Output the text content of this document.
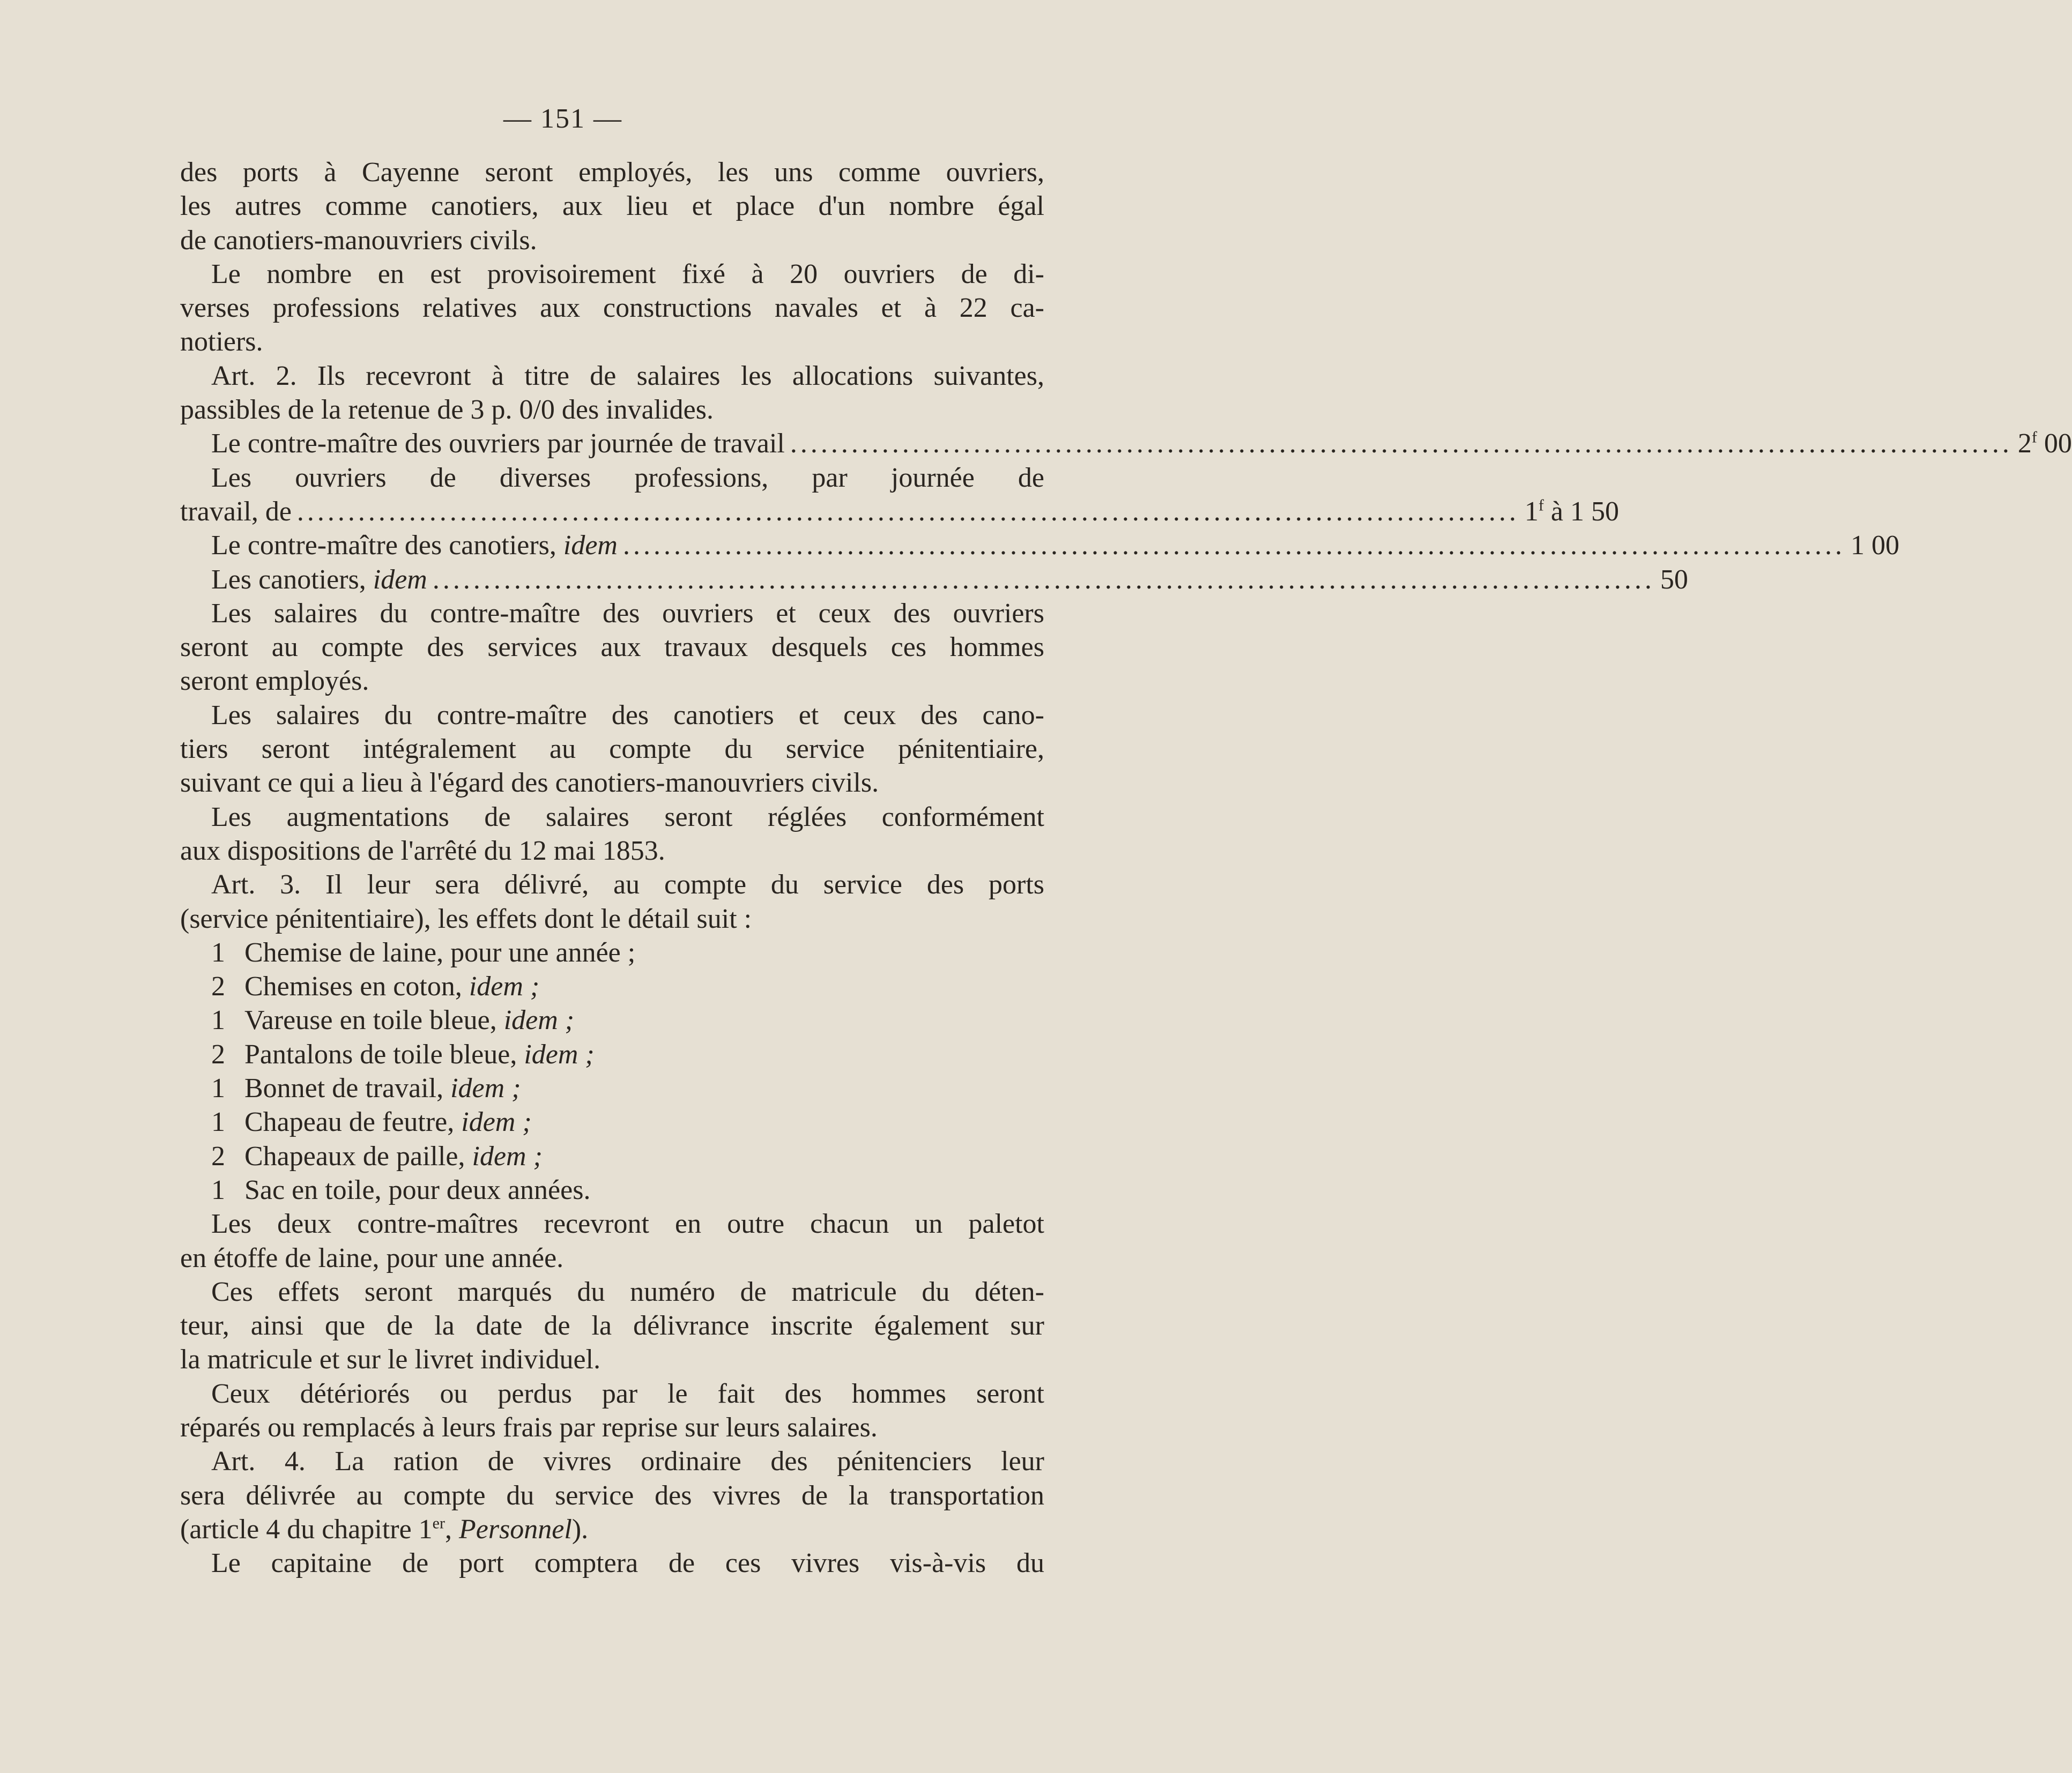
— 151 —
des ports à Cayenne seront employés, les uns comme ouvriers,
les autres comme canotiers, aux lieu et place d'un nombre égal
de canotiers-manouvriers civils.
Le nombre en est provisoirement fixé à 20 ouvriers de di-
verses professions relatives aux constructions navales et à 22 ca-
notiers.
Art. 2. Ils recevront à titre de salaires les allocations suivantes,
passibles de la retenue de 3 p. 0/0 des invalides.
Le contre-maître des ouvriers par journée de travail ........................................................................................................................ 2$^f$ 00
Les ouvriers de diverses professions, par journée de
travail, de ........................................................................................................................ 1$^f$ à 1 50
Le contre-maître des canotiers, idem ........................................................................................................................ 1 00
Les canotiers, idem ........................................................................................................................ 50
Les salaires du contre-maître des ouvriers et ceux des ouvriers
seront au compte des services aux travaux desquels ces hommes
seront employés.
Les salaires du contre-maître des canotiers et ceux des cano-
tiers seront intégralement au compte du service pénitentiaire,
suivant ce qui a lieu à l'égard des canotiers-manouvriers civils.
Les augmentations de salaires seront réglées conformément
aux dispositions de l'arrêté du 12 mai 1853.
Art. 3. Il leur sera délivré, au compte du service des ports
(service pénitentiaire), les effets dont le détail suit :
1 Chemise de laine, pour une année ;
2 Chemises en coton, idem ;
1 Vareuse en toile bleue, idem ;
2 Pantalons de toile bleue, idem ;
1 Bonnet de travail, idem ;
1 Chapeau de feutre, idem ;
2 Chapeaux de paille, idem ;
1 Sac en toile, pour deux années.
Les deux contre-maîtres recevront en outre chacun un paletot
en étoffe de laine, pour une année.
Ces effets seront marqués du numéro de matricule du déten-
teur, ainsi que de la date de la délivrance inscrite également sur
la matricule et sur le livret individuel.
Ceux détériorés ou perdus par le fait des hommes seront
réparés ou remplacés à leurs frais par reprise sur leurs salaires.
Art. 4. La ration de vivres ordinaire des pénitenciers leur
sera délivrée au compte du service des vivres de la transportation
(article 4 du chapitre 1er, Personnel).
Le capitaine de port comptera de ces vivres vis-à-vis du
